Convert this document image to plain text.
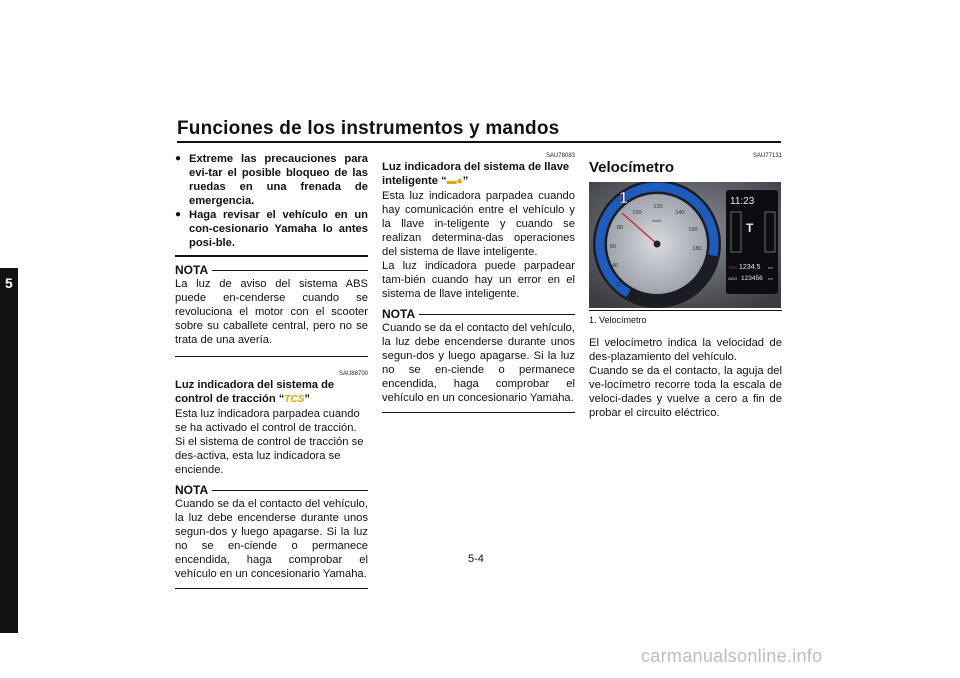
Funciones de los instrumentos y mandos
5
● Extreme las precauciones para evi-tar el posible bloqueo de las ruedas en una frenada de emergencia.
● Haga revisar el vehículo en un con-cesionario Yamaha lo antes posi-ble.
NOTA

La luz de aviso del sistema ABS puede en-cenderse cuando se revoluciona el motor con el scooter sobre su caballete central, pero no se trata de una avería.

SAU88700

Luz indicadora del sistema de control de tracción “TCS”

Esta luz indicadora parpadea cuando se ha activado el control de tracción.

Si el sistema de control de tracción se des-activa, esta luz indicadora se enciende.

NOTA

Cuando se da el contacto del vehículo, la luz debe encenderse durante unos segun-dos y luego apagarse. Si la luz no se en-ciende o permanece encendida, haga comprobar el vehículo en un concesionario Yamaha.

SAU78083

Luz indicadora del sistema de llave inteligente “▬●”

Esta luz indicadora parpadea cuando hay comunicación entre el vehículo y la llave in-teligente y cuando se realizan determina-das operaciones del sistema de llave inteligente.

La luz indicadora puede parpadear tam-bién cuando hay un error en el sistema de llave inteligente.

NOTA

Cuando se da el contacto del vehículo, la luz debe encenderse durante unos segun-dos y luego apagarse. Si la luz no se en-ciende o permanece encendida, haga comprobar el vehículo en un concesionario Yamaha.

SAU77131
Velocímetro
20
40
60
80
100
120
140
160
180
km/h
1	11:23
T
TRIP 1234.5 km
ODO 123456 km

1. Velocímetro

El velocímetro indica la velocidad de des-plazamiento del vehículo.

Cuando se da el contacto, la aguja del ve-locímetro recorre toda la escala de veloci-dades y vuelve a cero a fin de probar el circuito eléctrico.

5-4
carmanualsonline.info
